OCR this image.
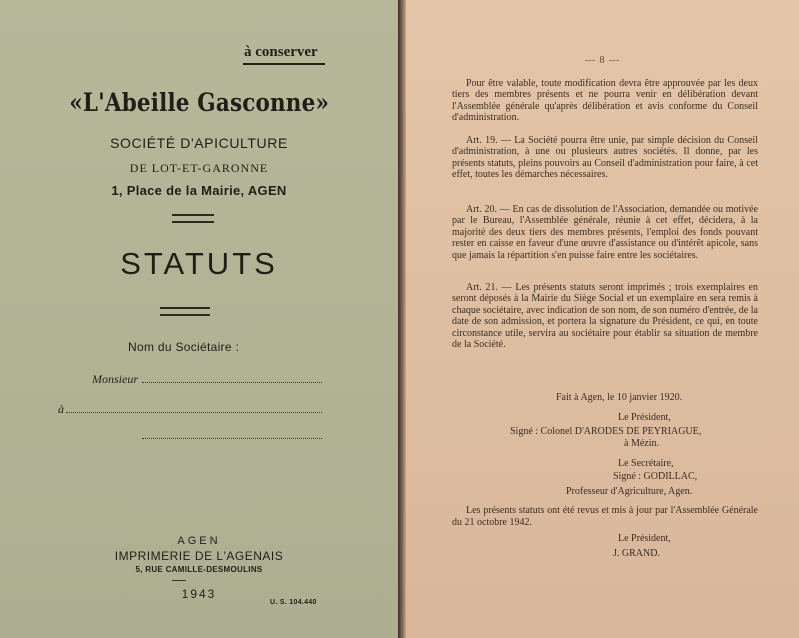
à conserver
«L'Abeille Gasconne»
SOCIÉTÉ D'APICULTURE
DE LOT-ET-GARONNE
1, Place de la Mairie, AGEN
STATUTS
Nom du Sociétaire :
Monsieur
à
AGEN
IMPRIMERIE DE L'AGENAIS
5, RUE CAMILLE-DESMOULINS
1943
U. S. 104.440
— 8 —
Pour être valable, toute modification devra être approuvée par les deux tiers des membres présents et ne pourra venir en délibération devant l'Assemblée générale qu'après délibération et avis conforme du Conseil d'administration.
Art. 19. — La Société pourra être unie, par simple décision du Conseil d'administration, à une ou plusieurs autres sociétés. Il donne, par les présents statuts, pleins pouvoirs au Conseil d'administration pour faire, à cet effet, toutes les démarches nécessaires.
Art. 20. — En cas de dissolution de l'Association, demandée ou motivée par le Bureau, l'Assemblée générale, réunie à cet effet, décidera, à la majorité des deux tiers des membres présents, l'emploi des fonds pouvant rester en caisse en faveur d'une œuvre d'assistance ou d'intérêt apicole, sans que jamais la répartition s'en puisse faire entre les sociétaires.
Art. 21. — Les présents statuts seront imprimés ; trois exemplaires en seront déposés à la Mairie du Siège Social et un exemplaire en sera remis à chaque sociétaire, avec indication de son nom, de son numéro d'entrée, de la date de son admission, et portera la signature du Président, ce qui, en toute circonstance utile, servira au sociétaire pour établir sa situation de membre de la Société.
Fait à Agen, le 10 janvier 1920.
Le Président,
Signé : Colonel D'ARODES DE PEYRIAGUE,
à Mézin.
Le Secrétaire,
Signé : GODILLAC,
Professeur d'Agriculture, Agen.
Les présents statuts ont été revus et mis à jour par l'Assemblée Générale du 21 octobre 1942.
Le Président,
J. GRAND.
